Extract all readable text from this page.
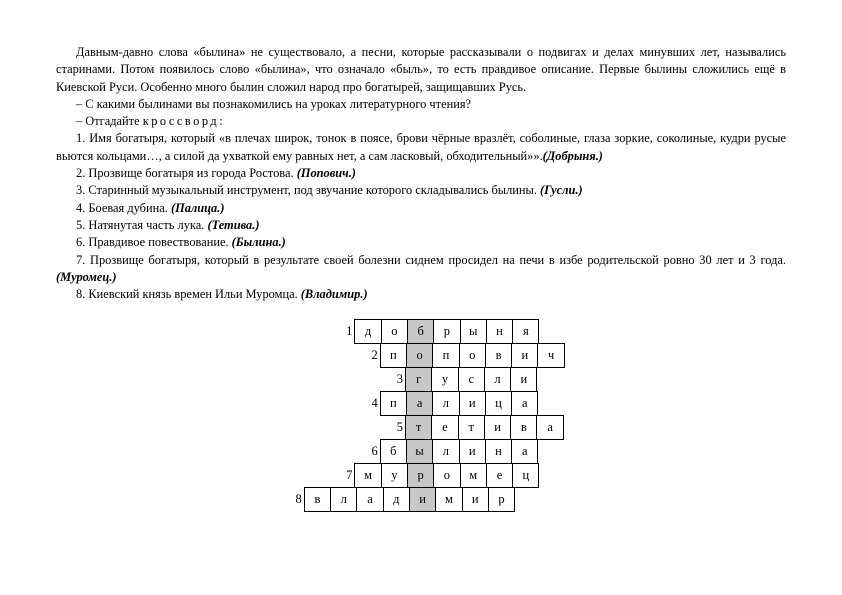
Давным-давно слова «былина» не существовало, а песни, которые рассказывали о подвигах и делах минувших лет, назывались старинами. Потом появилось слово «былина», что означало «быль», то есть правдивое описание. Первые былины сложились ещё в Киевской Руси. Особенно много былин сложил народ про богатырей, защищавших Русь.

– С какими былинами вы познакомились на уроках литературного чтения?

– Отгадайте кроссворд:

1. Имя богатыря, который «в плечах широк, тонок в поясе, брови чёрные вразлёт, соболиные, глаза зоркие, соколиные, кудри русые вьются кольцами…, а силой да ухваткой ему равных нет, а сам ласковый, обходительный»».(Добрыня.)

2. Прозвище богатыря из города Ростова. (Попович.)

3. Старинный музыкальный инструмент, под звучание которого складывались былины. (Гусли.)

4. Боевая дубина. (Палица.)

5. Натянутая часть лука. (Тетива.)

6. Правдивое повествование. (Былина.)

7. Прозвище богатыря, который в результате своей болезни сиднем просидел на печи в избе родительской ровно 30 лет и 3 года. (Муромец.)

8. Киевский князь времен Ильи Муромца. (Владимир.)

1 д	о	б	р	ы	н	я
2 п	о	п	о	в	и	ч
3	г	у	с	л	и
4 п	а	л	и	ц	а
5	т	е	т	и	в	а
6 б	ы	л	и	н	а
7 м	у	р	о	м	е	ц
8	в	л	а	д	и	м	и	р
